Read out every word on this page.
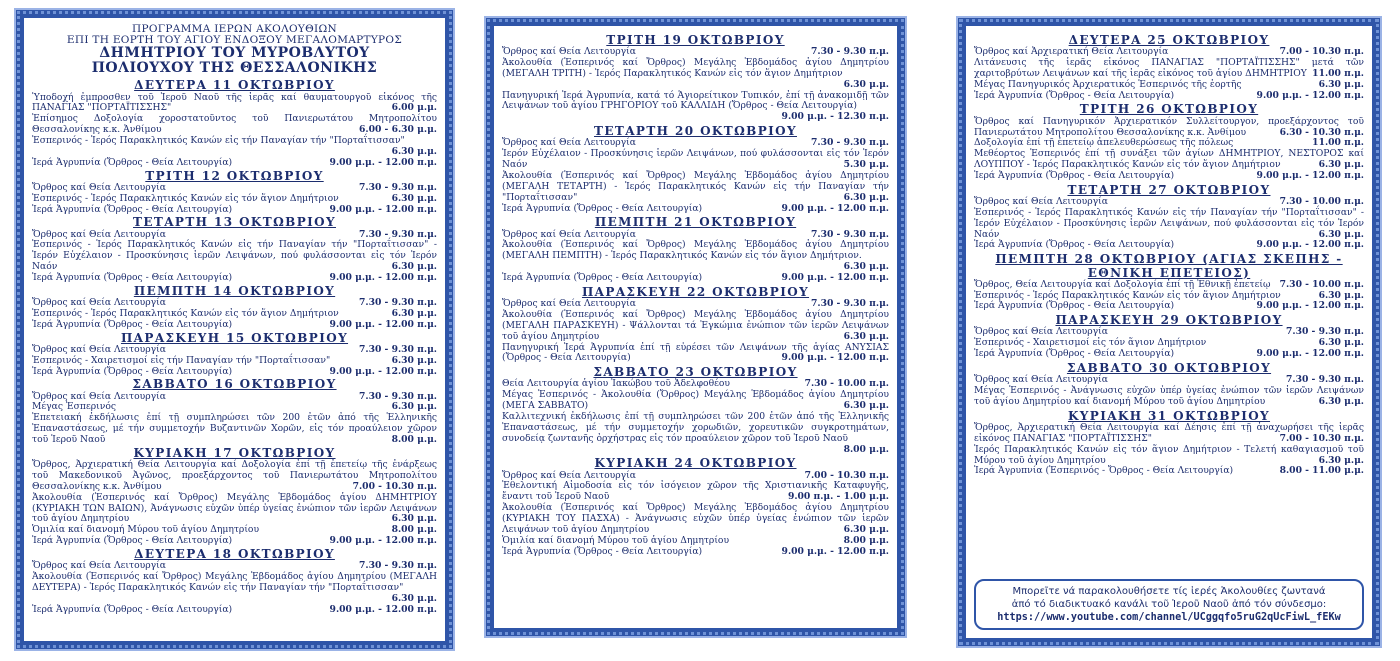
ΠΡΟΓΡΑΜΜΑ ΙΕΡΩΝ ΑΚΟΛΟΥΘΙΩΝ
ΕΠΙ ΤΗ ΕΟΡΤΗ ΤΟΥ ΑΓΙΟΥ ΕΝΔΟΞΟΥ ΜΕΓΑΛΟΜΑΡΤΥΡΟΣ
ΔΗΜΗΤΡΙΟΥ ΤΟΥ ΜΥΡΟΒΛΥΤΟΥ
ΠΟΛΙΟΥΧΟΥ ΤΗΣ ΘΕΣΣΑΛΟΝΙΚΗΣ
ΔΕΥΤΕΡΑ 11 ΟΚΤΩΒΡΙΟΥ
Ὑποδοχή ἐμπροσθεν τοῦ Ἱεροῦ Ναοῦ τῆς ἱερᾶς καί θαυματουργοῦ εἰκόνος τῆς ΠΑΝΑΓΙΑΣ "ΠΟΡΤΑΪΤΙΣΣΗΣ"	6.00 μ.μ.
Ἐπίσημος Δοξολογία χοροστατοῦντος τοῦ Πανιερωτάτου Μητροπολίτου Θεσσαλονίκης κ.κ. Ἀνθίμου	6.00 - 6.30 μ.μ.
Ἑσπερινός - Ἱερός Παρακλητικός Κανών εἰς τήν Παναγίαν τήν "Πορταΐτισσαν"
6.30 μ.μ.
Ἱερά Ἀγρυπνία (Ὄρθρος - Θεία Λειτουργία)	9.00 μ.μ. - 12.00 π.μ.
ΤΡΙΤΗ 12 ΟΚΤΩΒΡΙΟΥ
Ὄρθρος καί Θεία Λειτουργία	7.30 - 9.30 π.μ.
Ἑσπερινός - Ἱερός Παρακλητικός Κανών εἰς τόν ἅγιον Δημήτριον	6.30 μ.μ.
Ἱερά Ἀγρυπνία (Ὄρθρος - Θεία Λειτουργία)	9.00 μ.μ. - 12.00 π.μ.
ΤΕΤΑΡΤΗ 13 ΟΚΤΩΒΡΙΟΥ
Ὄρθρος καί Θεία Λειτουργία	7.30 - 9.30 π.μ.
Ἑσπερινός - Ἱερός Παρακλητικός Κανών εἰς τήν Παναγίαν τήν "Πορταΐτισσαν" - Ἱερόν Εὐχέλαιον - Προσκύνησις ἱερῶν Λειψάνων, πού φυλάσσονται εἰς τόν Ἱερόν Ναόν	6.30 μ.μ.
Ἱερά Ἀγρυπνία (Ὄρθρος - Θεία Λειτουργία)	9.00 μ.μ. - 12.00 π.μ.
ΠΕΜΠΤΗ 14 ΟΚΤΩΒΡΙΟΥ
Ὄρθρος καί Θεία Λειτουργία	7.30 - 9.30 π.μ.
Ἑσπερινός - Ἱερός Παρακλητικός Κανών εἰς τόν ἅγιον Δημήτριον	6.30 μ.μ.
Ἱερά Ἀγρυπνία (Ὄρθρος - Θεία Λειτουργία)	9.00 μ.μ. - 12.00 π.μ.
ΠΑΡΑΣΚΕΥΗ 15 ΟΚΤΩΒΡΙΟΥ
Ὄρθρος καί Θεία Λειτουργία	7.30 - 9.30 π.μ.
Ἑσπερινός - Χαιρετισμοί εἰς τήν Παναγίαν τήν "Πορταΐτισσαν"	6.30 μ.μ.
Ἱερά Ἀγρυπνία (Ὄρθρος - Θεία Λειτουργία)	9.00 μ.μ. - 12.00 π.μ.
ΣΑΒΒΑΤΟ 16 ΟΚΤΩΒΡΙΟΥ
Ὄρθρος καί Θεία Λειτουργία	7.30 - 9.30 π.μ.
Μέγας Ἑσπερινός	6.30 μ.μ.
Ἐπετειακή ἐκδήλωσις ἐπί τῇ συμπληρώσει τῶν 200 ἐτῶν ἀπό τῆς Ἑλληνικῆς Ἐπαναστάσεως, μέ τήν συμμετοχήν Βυζαντινῶν Χορῶν, εἰς τόν προαύλειον χῶρον τοῦ Ἱεροῦ Ναοῦ	8.00 μ.μ.
ΚΥΡΙΑΚΗ 17 ΟΚΤΩΒΡΙΟΥ
Ὄρθρος, Ἀρχιερατική Θεία Λειτουργία καί Δοξολογία ἐπί τῇ ἐπετείῳ τῆς ἐνάρξεως τοῦ Μακεδονικοῦ Ἀγῶνος, προεξάρχοντος τοῦ Πανιερωτάτου Μητροπολίτου Θεσσαλονίκης κ.κ. Ἀνθίμου	7.00 - 10.30 π.μ.
Ἀκολουθία (Ἑσπερινός καί Ὄρθρος) Μεγάλης Ἑβδομάδος ἁγίου ΔΗΜΗΤΡΙΟΥ (ΚΥΡΙΑΚΗ ΤΩΝ ΒΑΙΩΝ), Ἀνάγνωσις εὐχῶν ὑπέρ ὑγείας ἐνώπιον τῶν ἱερῶν Λειψάνων τοῦ ἁγίου Δημητρίου	6.30 μ.μ.
Ὁμιλία καί διανομή Μύρου τοῦ ἁγίου Δημητρίου	8.00 μ.μ.
Ἱερά Ἀγρυπνία (Ὄρθρος - Θεία Λειτουργία)	9.00 μ.μ. - 12.00 π.μ.
ΔΕΥΤΕΡΑ 18 ΟΚΤΩΒΡΙΟΥ
Ὄρθρος καί Θεία Λειτουργία	7.30 - 9.30 π.μ.
Ἀκολουθία (Ἑσπερινός καί Ὄρθρος) Μεγάλης Ἑβδομάδος ἁγίου Δημητρίου (ΜΕΓΑΛΗ ΔΕΥΤΕΡΑ) - Ἱερός Παρακλητικός Κανών εἰς τήν Παναγίαν τήν "Πορταΐτισσαν"
6.30 μ.μ.
Ἱερά Ἀγρυπνία (Ὄρθρος - Θεία Λειτουργία)	9.00 μ.μ. - 12.00 π.μ.
ΤΡΙΤΗ 19 ΟΚΤΩΒΡΙΟΥ
Ὄρθρος καί Θεία Λειτουργία	7.30 - 9.30 π.μ.
Ἀκολουθία (Ἑσπερινός καί Ὄρθρος) Μεγάλης Ἑβδομάδος ἁγίου Δημητρίου (ΜΕΓΑΛΗ ΤΡΙΤΗ) - Ἱερός Παρακλητικός Κανών εἰς τόν ἅγιον Δημήτριον
6.30 μ.μ.
Πανηγυρική Ἱερά Ἀγρυπνία, κατά τό Ἁγιορείτικον Τυπικόν, ἐπί τῇ ἀνακομιδῇ τῶν Λειψάνων τοῦ ἁγίου ΓΡΗΓΟΡΙΟΥ τοῦ ΚΑΛΛΙΔΗ (Ὄρθρος - Θεία Λειτουργία)
9.00 μ.μ. - 12.30 π.μ.
ΤΕΤΑΡΤΗ 20 ΟΚΤΩΒΡΙΟΥ
Ὄρθρος καί Θεία Λειτουργία	7.30 - 9.30 π.μ.
Ἱερόν Εὐχέλαιον - Προσκύνησις ἱερῶν Λειψάνων, πού φυλάσσονται εἰς τόν Ἱερόν Ναόν	5.30 μ.μ.
Ἀκολουθία (Ἑσπερινός καί Ὄρθρος) Μεγάλης Ἑβδομάδος ἁγίου Δημητρίου (ΜΕΓΑΛΗ ΤΕΤΑΡΤΗ) - Ἱερός Παρακλητικός Κανών εἰς τήν Παναγίαν τήν "Πορταΐτισσαν"	6.30 μ.μ.
Ἱερά Ἀγρυπνία (Ὄρθρος - Θεία Λειτουργία)	9.00 μ.μ. - 12.00 π.μ.
ΠΕΜΠΤΗ 21 ΟΚΤΩΒΡΙΟΥ
Ὄρθρος καί Θεία Λειτουργία	7.30 - 9.30 π.μ.
Ἀκολουθία (Ἑσπερινός καί Ὄρθρος) Μεγάλης Ἑβδομάδος ἁγίου Δημητρίου (ΜΕΓΑΛΗ ΠΕΜΠΤΗ) - Ἱερός Παρακλητικός Κανών εἰς τόν ἅγιον Δημήτριον.
6.30 μ.μ.
Ἱερά Ἀγρυπνία (Ὄρθρος - Θεία Λειτουργία)	9.00 μ.μ. - 12.00 π.μ.
ΠΑΡΑΣΚΕΥΗ 22 ΟΚΤΩΒΡΙΟΥ
Ὄρθρος καί Θεία Λειτουργία	7.30 - 9.30 π.μ.
Ἀκολουθία (Ἑσπερινός καί Ὄρθρος) Μεγάλης Ἑβδομάδος ἁγίου Δημητρίου (ΜΕΓΑΛΗ ΠΑΡΑΣΚΕΥΗ) - Ψάλλονται τά Ἐγκώμια ἐνώπιον τῶν ἱερῶν Λειψάνων τοῦ ἁγίου Δημητρίου	6.30 μ.μ.
Πανηγυρική Ἱερά Ἀγρυπνία ἐπί τῇ εὑρέσει τῶν Λειψάνων τῆς ἁγίας ΑΝΥΣΙΑΣ (Ὄρθρος - Θεία Λειτουργία)	9.00 μ.μ. - 12.00 π.μ.
ΣΑΒΒΑΤΟ 23 ΟΚΤΩΒΡΙΟΥ
Θεία Λειτουργία ἁγίου Ἰακώβου τοῦ Ἀδελφοθέου	7.30 - 10.00 π.μ.
Μέγας Ἑσπερινός - Ἀκολουθία (Ὄρθρος) Μεγάλης Ἑβδομάδος ἁγίου Δημητρίου (ΜΕΓΑ ΣΑΒΒΑΤΟ)	6.30 μ.μ.
Καλλιτεχνική ἐκδήλωσις ἐπί τῇ συμπληρώσει τῶν 200 ἐτῶν ἀπό τῆς Ἑλληνικῆς Ἐπαναστάσεως, μέ τήν συμμετοχήν χορωδιῶν, χορευτικῶν συγκροτημάτων, συνοδείᾳ ζωντανῆς ὀρχήστρας εἰς τόν προαύλειον χῶρον τοῦ Ἱεροῦ Ναοῦ
8.00 μ.μ.
ΚΥΡΙΑΚΗ 24 ΟΚΤΩΒΡΙΟΥ
Ὄρθρος καί Θεία Λειτουργία	7.00 - 10.30 π.μ.
Ἐθελοντική Αἱμοδοσία εἰς τόν ἰσόγειον χῶρον τῆς Χριστιανικῆς Καταφυγῆς, ἔναντι τοῦ Ἱεροῦ Ναοῦ	9.00 π.μ. - 1.00 μ.μ.
Ἀκολουθία (Ἑσπερινός καί Ὄρθρος) Μεγάλης Ἑβδομάδος ἁγίου Δημητρίου (ΚΥΡΙΑΚΗ ΤΟΥ ΠΑΣΧΑ) - Ἀνάγνωσις εὐχῶν ὑπέρ ὑγείας ἐνώπιον τῶν ἱερῶν Λειψάνων τοῦ ἁγίου Δημητρίου	6.30 μ.μ.
Ὁμιλία καί διανομή Μύρου τοῦ ἁγίου Δημητρίου	8.00 μ.μ.
Ἱερά Ἀγρυπνία (Ὄρθρος - Θεία Λειτουργία)	9.00 μ.μ. - 12.00 π.μ.
ΔΕΥΤΕΡΑ 25 ΟΚΤΩΒΡΙΟΥ
Ὄρθρος καί Ἀρχιερατική Θεία Λειτουργία	7.00 - 10.30 π.μ.
Λιτάνευσις τῆς ἱερᾶς εἰκόνος ΠΑΝΑΓΙΑΣ "ΠΟΡΤΑΪΤΙΣΣΗΣ" μετά τῶν χαριτοβρύτων Λειψάνων καί τῆς ἱερᾶς εἰκόνος τοῦ ἁγίου ΔΗΜΗΤΡΙΟΥ 11.00 π.μ.
Μέγας Πανηγυρικός Ἀρχιερατικός Ἑσπερινός τῆς ἑορτῆς	6.30 μ.μ.
Ἱερά Ἀγρυπνία (Ὄρθρος - Θεία Λειτουργία)	9.00 μ.μ. - 12.00 π.μ.
ΤΡΙΤΗ 26 ΟΚΤΩΒΡΙΟΥ
Ὄρθρος καί Πανηγυρικόν Ἀρχιερατικόν Συλλείτουργον, προεξάρχοντος τοῦ Πανιερωτάτου Μητροπολίτου Θεσσαλονίκης κ.κ. Ἀνθίμου	6.30 - 10.30 π.μ.
Δοξολογία ἐπί τῇ ἐπετείῳ ἀπελευθερώσεως τῆς πόλεως	11.00 π.μ.
Μεθέορτος Ἑσπερινός ἐπί τῇ συνάξει τῶν ἁγίων ΔΗΜΗΤΡΙΟΥ, ΝΕΣΤΟΡΟΣ καί ΛΟΥΠΠΟΥ - Ἱερός Παρακλητικός Κανών εἰς τόν ἅγιον Δημήτριον	6.30 μ.μ.
Ἱερά Ἀγρυπνία (Ὄρθρος - Θεία Λειτουργία)	9.00 μ.μ. - 12.00 π.μ.
ΤΕΤΑΡΤΗ 27 ΟΚΤΩΒΡΙΟΥ
Ὄρθρος καί Θεία Λειτουργία	7.30 - 10.00 π.μ.
Ἑσπερινός - Ἱερός Παρακλητικός Κανών εἰς τήν Παναγίαν τήν "Πορταΐτισσαν" - Ἱερόν Εὐχέλαιον - Προσκύνησις ἱερῶν Λειψάνων, πού φυλάσσονται εἰς τόν Ἱερόν Ναόν	6.30 μ.μ.
Ἱερά Ἀγρυπνία (Ὄρθρος - Θεία Λειτουργία)	9.00 μ.μ. - 12.00 π.μ.
ΠΕΜΠΤΗ 28 ΟΚΤΩΒΡΙΟΥ (ΑΓΙΑΣ ΣΚΕΠΗΣ - ΕΘΝΙΚΗ ΕΠΕΤΕΙΟΣ)
Ὄρθρος, Θεία Λειτουργία καί Δοξολογία ἐπί τῇ Ἐθνικῇ ἐπετείῳ 7.30 - 10.00 π.μ.
Ἑσπερινός - Ἱερός Παρακλητικός Κανών εἰς τόν ἅγιον Δημήτριον	6.30 μ.μ.
Ἱερά Ἀγρυπνία (Ὄρθρος - Θεία Λειτουργία)	9.00 μ.μ. - 12.00 π.μ.
ΠΑΡΑΣΚΕΥΗ 29 ΟΚΤΩΒΡΙΟΥ
Ὄρθρος καί Θεία Λειτουργία	7.30 - 9.30 π.μ.
Ἑσπερινός - Χαιρετισμοί εἰς τόν ἅγιον Δημήτριον	6.30 μ.μ.
Ἱερά Ἀγρυπνία (Ὄρθρος - Θεία Λειτουργία)	9.00 μ.μ. - 12.00 π.μ.
ΣΑΒΒΑΤΟ 30 ΟΚΤΩΒΡΙΟΥ
Ὄρθρος καί Θεία Λειτουργία	7.30 - 9.30 π.μ.
Μέγας Ἑσπερινός - Ἀνάγνωσις εὐχῶν ὑπέρ ὑγείας ἐνώπιον τῶν ἱερῶν Λειψάνων τοῦ ἁγίου Δημητρίου καί διανομή Μύρου τοῦ ἁγίου Δημητρίου	6.30 μ.μ.
ΚΥΡΙΑΚΗ 31 ΟΚΤΩΒΡΙΟΥ
Ὄρθρος, Ἀρχιερατική Θεία Λειτουργία καί Δέησις ἐπί τῇ ἀναχωρήσει τῆς ἱερᾶς εἰκόνος ΠΑΝΑΓΙΑΣ "ΠΟΡΤΑΪΤΙΣΣΗΣ"	7.00 - 10.30 π.μ.
Ἱερός Παρακλητικός Κανών εἰς τόν ἅγιον Δημήτριον - Τελετή καθαγιασμοῦ τοῦ Μύρου τοῦ ἁγίου Δημητρίου	6.30 μ.μ.
Ἱερά Ἀγρυπνία (Ἑσπερινός - Ὄρθρος - Θεία Λειτουργία)	8.00 - 11.00 μ.μ.
Μπορεῖτε νά παρακολουθήσετε τίς ἱερές Ἀκολουθίες ζωντανά
ἀπό τό διαδικτυακό κανάλι τοῦ Ἱεροῦ Ναοῦ ἀπό τόν σύνδεσμο:
https://www.youtube.com/channel/UCggqfo5ruG2qUcFiwL_fEKw
